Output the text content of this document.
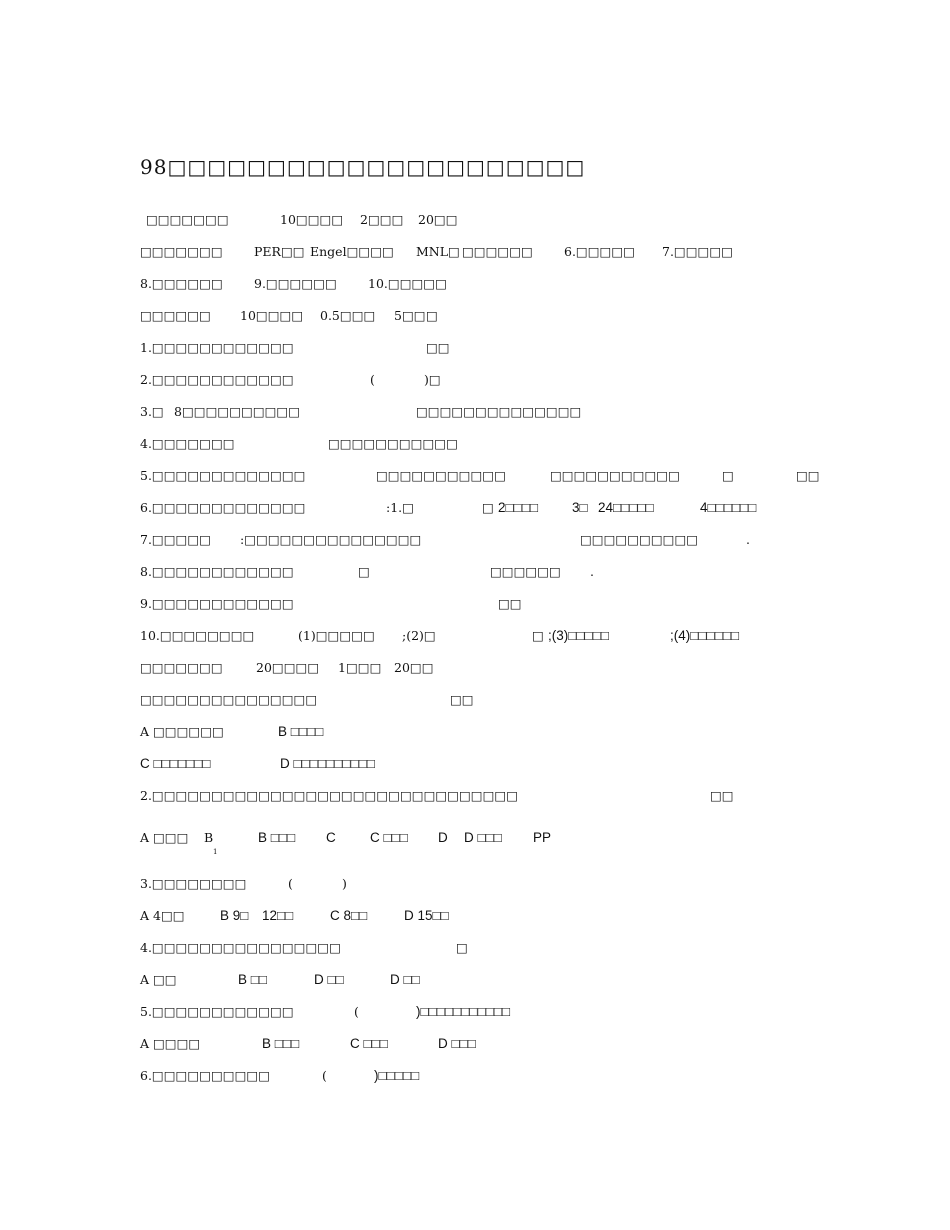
98□□□□□□□□□□□□□□□□□□□□□
□□□□□□□	10□□□□ 2□□□ 20□□
□□□□□□□	PER□□ Engel□□□□ MNL□ □□□□□□ 6.□□□□□ 7.□□□□□
8.□□□□□□ 9.□□□□□□ 10.□□□□□
□□□□□□ 10□□□□ 0.5□□□ 5□□ □
1.□□□□□□□□□□□□	□□
2.□□□□□□□□□□□□	(	)□
3.□ 8□□□□□□□□□□	□□□□□□□□□□□□□□
4.□□□□□□□	□□□□□□□□□□□
5.□□□□□□□□□□□□□	□□□□□□□□□□□	□□□□□□□□□□□	□	□□
6.□□□□□□□□□□□□□	:1.□	□ 2□□□□	3□ 24□□□□□	4□□□□□□
7.□□□□□ :□□□□□□□□□□□□□□□	□□□□□□□□□□	.
8.□□□□□□□□□□□□	□	□□□□□□ .
9.□□□□□□□□□□□□	□□
10.□□□□□□□□	(1)□□□□□ ;(2)□	□ ;(3)□□□□□	;(4)□□□□□□
□□□□□□□	20□□□□ 1□□□ 20□□
□□□□□□□□□□□□□□□	□□
A □□□□□□	B □□□□
C □□□□□□□	D □□□□□□□□□□
2.□□□□□□□□□□□□□□□□□□□□□□□□□□□□□□□	□□
A □□□ B
1
B □□□ C	C □□□ D D □□□ PP
3.□□□□□□□□	(	)
A 4□□	B 9□ 12□□	C 8□□	D 15□□
4.□□□□□□□□□□□□□□□□	□
A □□	B □□	D □□	D □□
5.□□□□□□□□□□□□	(	)□□□□□□□□□□□
A □□□□	B □□□	C □□□	D □□□
6.□□□□□□□□□□	(	)□□□□□
